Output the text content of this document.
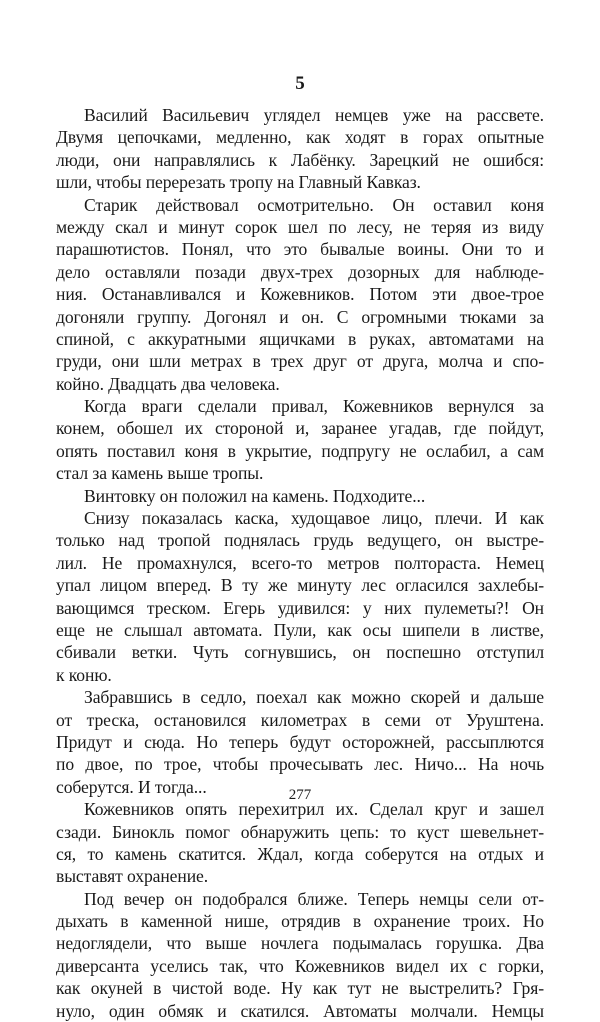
5
Василий Васильевич углядел немцев уже на рассвете.
Двумя цепочками, медленно, как ходят в горах опытные
люди, они направлялись к Лабёнку. Зарецкий не ошибся:
шли, чтобы перерезать тропу на Главный Кавказ.
Старик действовал осмотрительно. Он оставил коня
между скал и минут сорок шел по лесу, не теряя из виду
парашютистов. Понял, что это бывалые воины. Они то и
дело оставляли позади двух-трех дозорных для наблюде-
ния. Останавливался и Кожевников. Потом эти двое-трое
догоняли группу. Догонял и он. С огромными тюками за
спиной, с аккуратными ящичками в руках, автоматами на
груди, они шли метрах в трех друг от друга, молча и спо-
койно. Двадцать два человека.
Когда враги сделали привал, Кожевников вернулся за
конем, обошел их стороной и, заранее угадав, где пойдут,
опять поставил коня в укрытие, подпругу не ослабил, а сам
стал за камень выше тропы.
Винтовку он положил на камень. Подходите...
Снизу показалась каска, худощавое лицо, плечи. И как
только над тропой поднялась грудь ведущего, он выстре-
лил. Не промахнулся, всего-то метров полтораста. Немец
упал лицом вперед. В ту же минуту лес огласился захлебы-
вающимся треском. Егерь удивился: у них пулеметы?! Он
еще не слышал автомата. Пули, как осы шипели в листве,
сбивали ветки. Чуть согнувшись, он поспешно отступил
к коню.
Забравшись в седло, поехал как можно скорей и дальше
от треска, остановился километрах в семи от Уруштена.
Придут и сюда. Но теперь будут осторожней, рассыплются
по двое, по трое, чтобы прочесывать лес. Ничо... На ночь
соберутся. И тогда...
Кожевников опять перехитрил их. Сделал круг и зашел
сзади. Бинокль помог обнаружить цепь: то куст шевельнет-
ся, то камень скатится. Ждал, когда соберутся на отдых и
выставят охранение.
Под вечер он подобрался ближе. Теперь немцы сели от-
дыхать в каменной нише, отрядив в охранение троих. Но
недоглядели, что выше ночлега подымалась горушка. Два
диверсанта уселись так, что Кожевников видел их с горки,
как окуней в чистой воде. Ну как тут не выстрелить? Гря-
нуло, один обмяк и скатился. Автоматы молчали. Немцы
277
